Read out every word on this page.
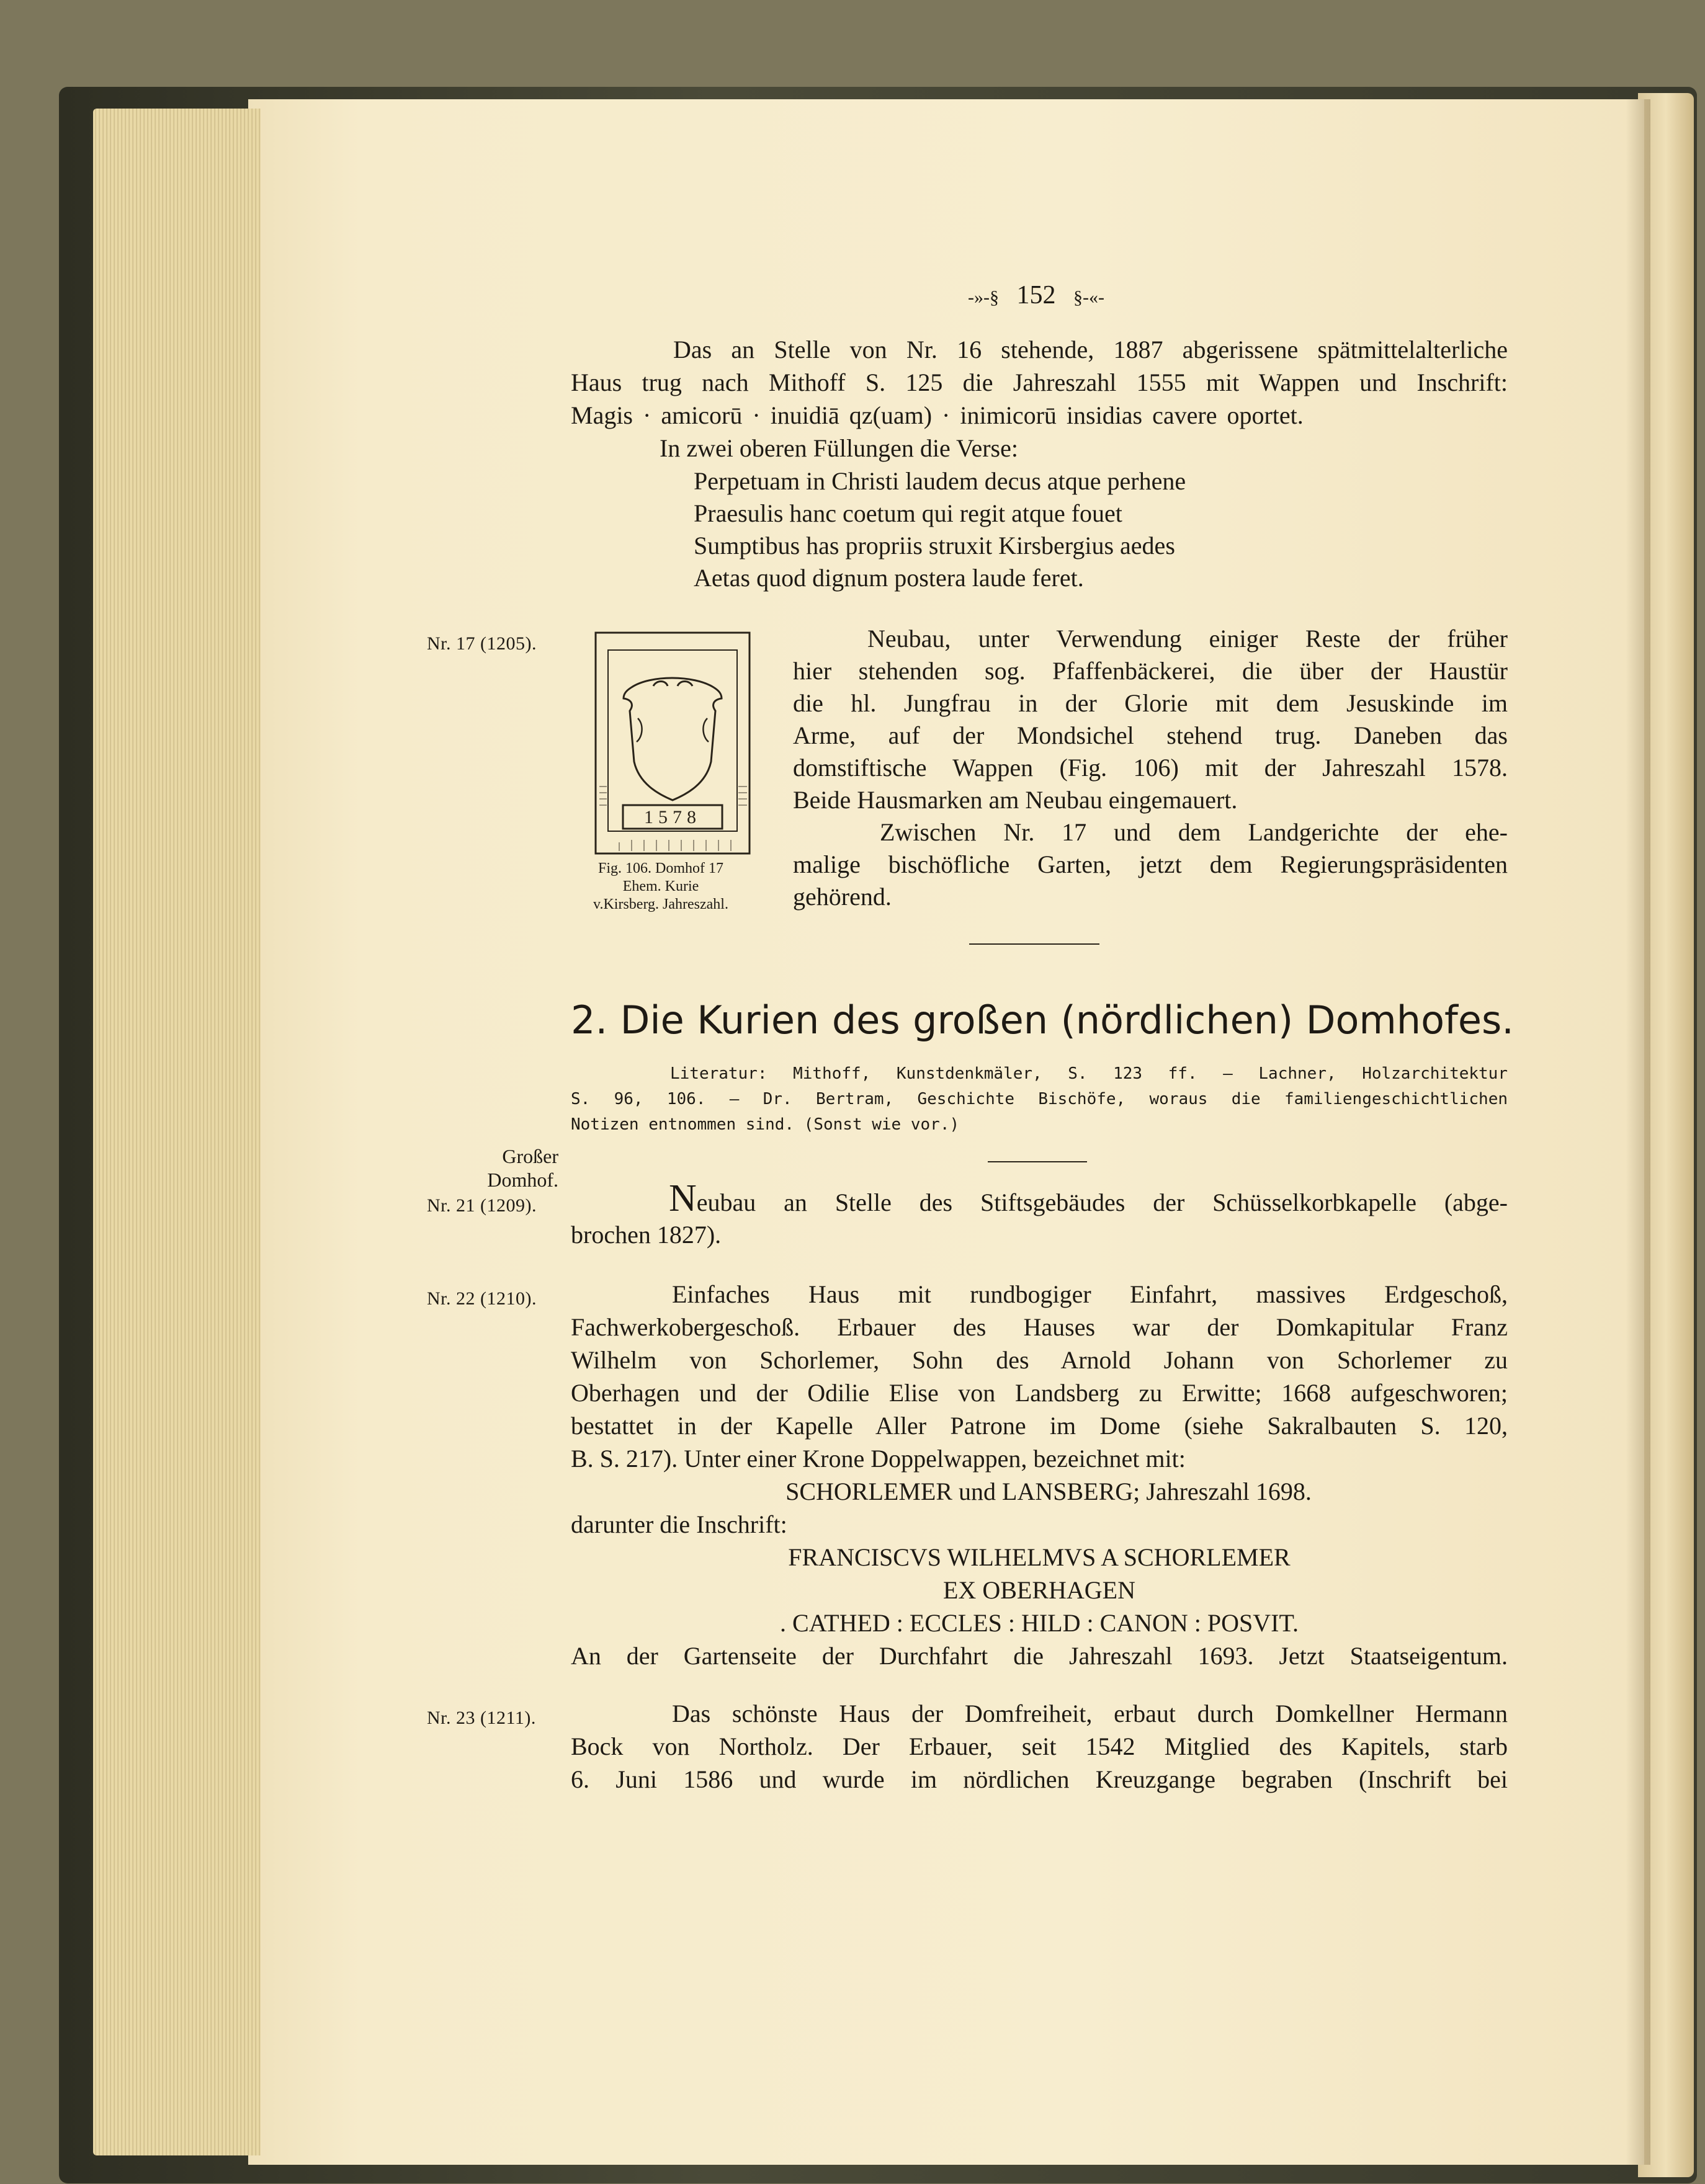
-»-§ 152 §-«-
Das an Stelle von Nr. 16 stehende, 1887 abgerissene spätmittelalterliche
Haus trug nach Mithoff S. 125 die Jahreszahl 1555 mit Wappen und Inschrift:
Magis · amicorū · inuidiā qz(uam) · inimicorū insidias cavere oportet.
In zwei oberen Füllungen die Verse:
Perpetuam in Christi laudem decus atque perhene
Praesulis hanc coetum qui regit atque fouet
Sumptibus has propriis struxit Kirsbergius aedes
Aetas quod dignum postera laude feret.
Nr. 17 (1205).
1578
Fig. 106. Domhof 17
Ehem. Kurie
v.Kirsberg. Jahreszahl.
Neubau, unter Verwendung einiger Reste der früher
hier stehenden sog. Pfaffenbäckerei, die über der Haustür
die hl. Jungfrau in der Glorie mit dem Jesuskinde im
Arme, auf der Mondsichel stehend trug. Daneben das
domstiftische Wappen (Fig. 106) mit der Jahreszahl 1578.
Beide Hausmarken am Neubau eingemauert.
Zwischen Nr. 17 und dem Landgerichte der ehe-
malige bischöfliche Garten, jetzt dem Regierungspräsidenten
gehörend.
2. Die Kurien des großen (nördlichen) Domhofes.
Literatur: Mithoff, Kunstdenkmäler, S. 123 ff. — Lachner, Holzarchitektur
S. 96, 106. — Dr. Bertram, Geschichte Bischöfe, woraus die familiengeschichtlichen
Notizen entnommen sind. (Sonst wie vor.)
Großer
Domhof.
Nr. 21 (1209).	Neubau an Stelle des Stiftsgebäudes der Schüsselkorbkapelle (abge-
brochen 1827).
Nr. 22 (1210).	Einfaches Haus mit rundbogiger Einfahrt, massives Erdgeschoß,
Fachwerkobergeschoß. Erbauer des Hauses war der Domkapitular Franz
Wilhelm von Schorlemer, Sohn des Arnold Johann von Schorlemer zu
Oberhagen und der Odilie Elise von Landsberg zu Erwitte; 1668 aufgeschworen;
bestattet in der Kapelle Aller Patrone im Dome (siehe Sakralbauten S. 120,
B. S. 217). Unter einer Krone Doppelwappen, bezeichnet mit:
SCHORLEMER und LANSBERG; Jahreszahl 1698.
darunter die Inschrift:
FRANCISCVS WILHELMVS A SCHORLEMER
EX OBERHAGEN
. CATHED : ECCLES : HILD : CANON : POSVIT.
An der Gartenseite der Durchfahrt die Jahreszahl 1693. Jetzt Staatseigentum.
Nr. 23 (1211).	Das schönste Haus der Domfreiheit, erbaut durch Domkellner Hermann
Bock von Northolz. Der Erbauer, seit 1542 Mitglied des Kapitels, starb
6. Juni 1586 und wurde im nördlichen Kreuzgange begraben (Inschrift bei
